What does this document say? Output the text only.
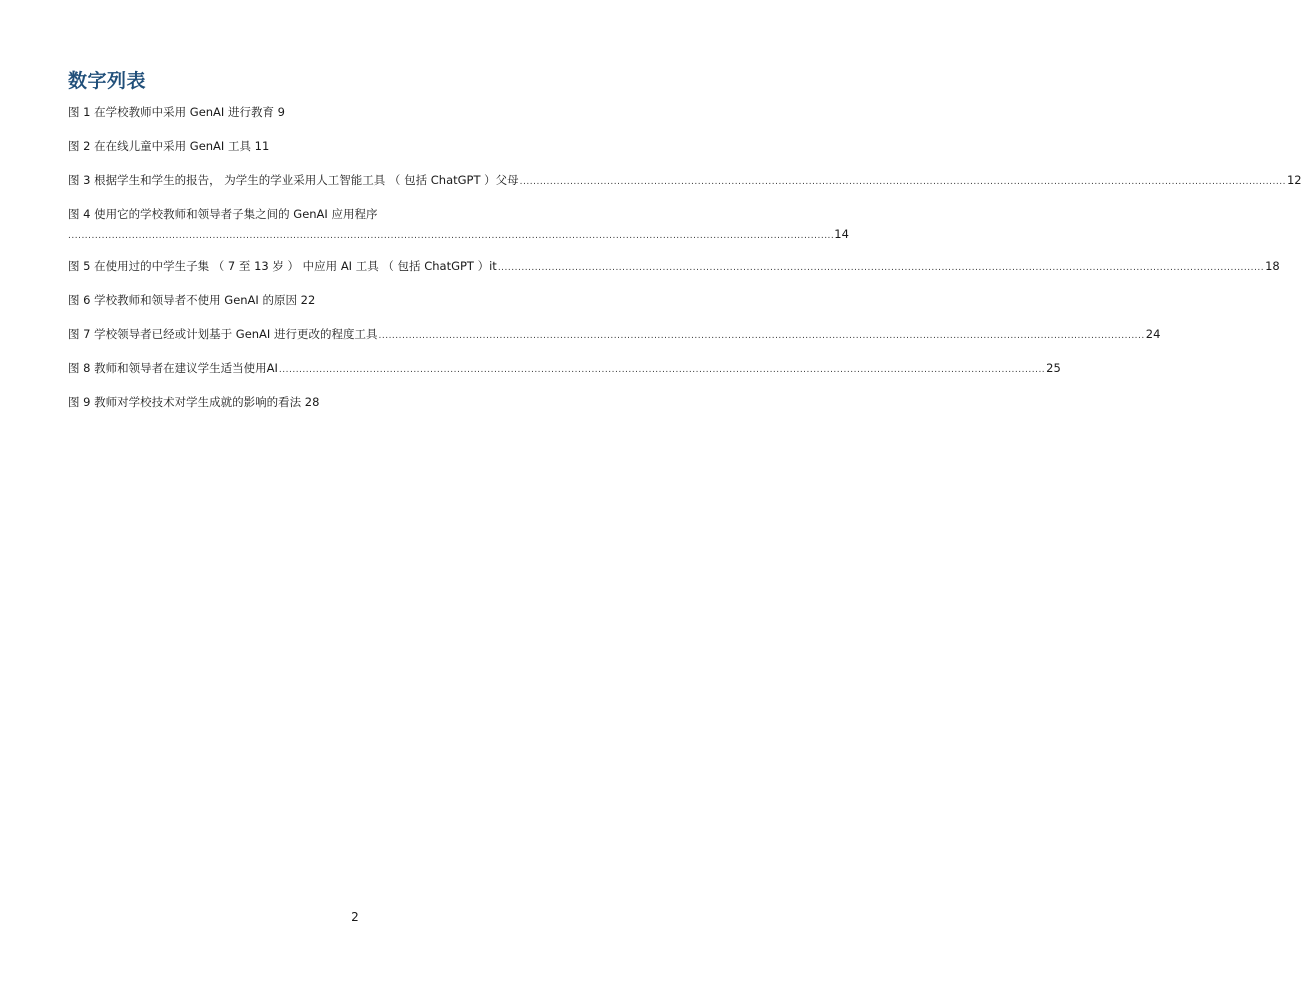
数字列表
图 1 在学校教师中采用 GenAI 进行教育 9
图 2 在在线儿童中采用 GenAI 工具 11
图 3 根据学生和学生的报告， 为学生的学业采用人工智能工具 （ 包括 ChatGPT ）父母 .................................................................................................................................................................................................................................... 12
图 4 使用它的学校教师和领导者子集之间的 GenAI 应用程序
.................................................................................................................................................................................................................................... 14
图 5 在使用过的中学生子集 （ 7 至 13 岁 ） 中应用 AI 工具 （ 包括 ChatGPT ）it .................................................................................................................................................................................................................................... 18
图 6 学校教师和领导者不使用 GenAI 的原因 22
图 7 学校领导者已经或计划基于 GenAI 进行更改的程度工具 .................................................................................................................................................................................................................................... 24
图 8 教师和领导者在建议学生适当使用AI .................................................................................................................................................................................................................................... 25
图 9 教师对学校技术对学生成就的影响的看法 28
2
